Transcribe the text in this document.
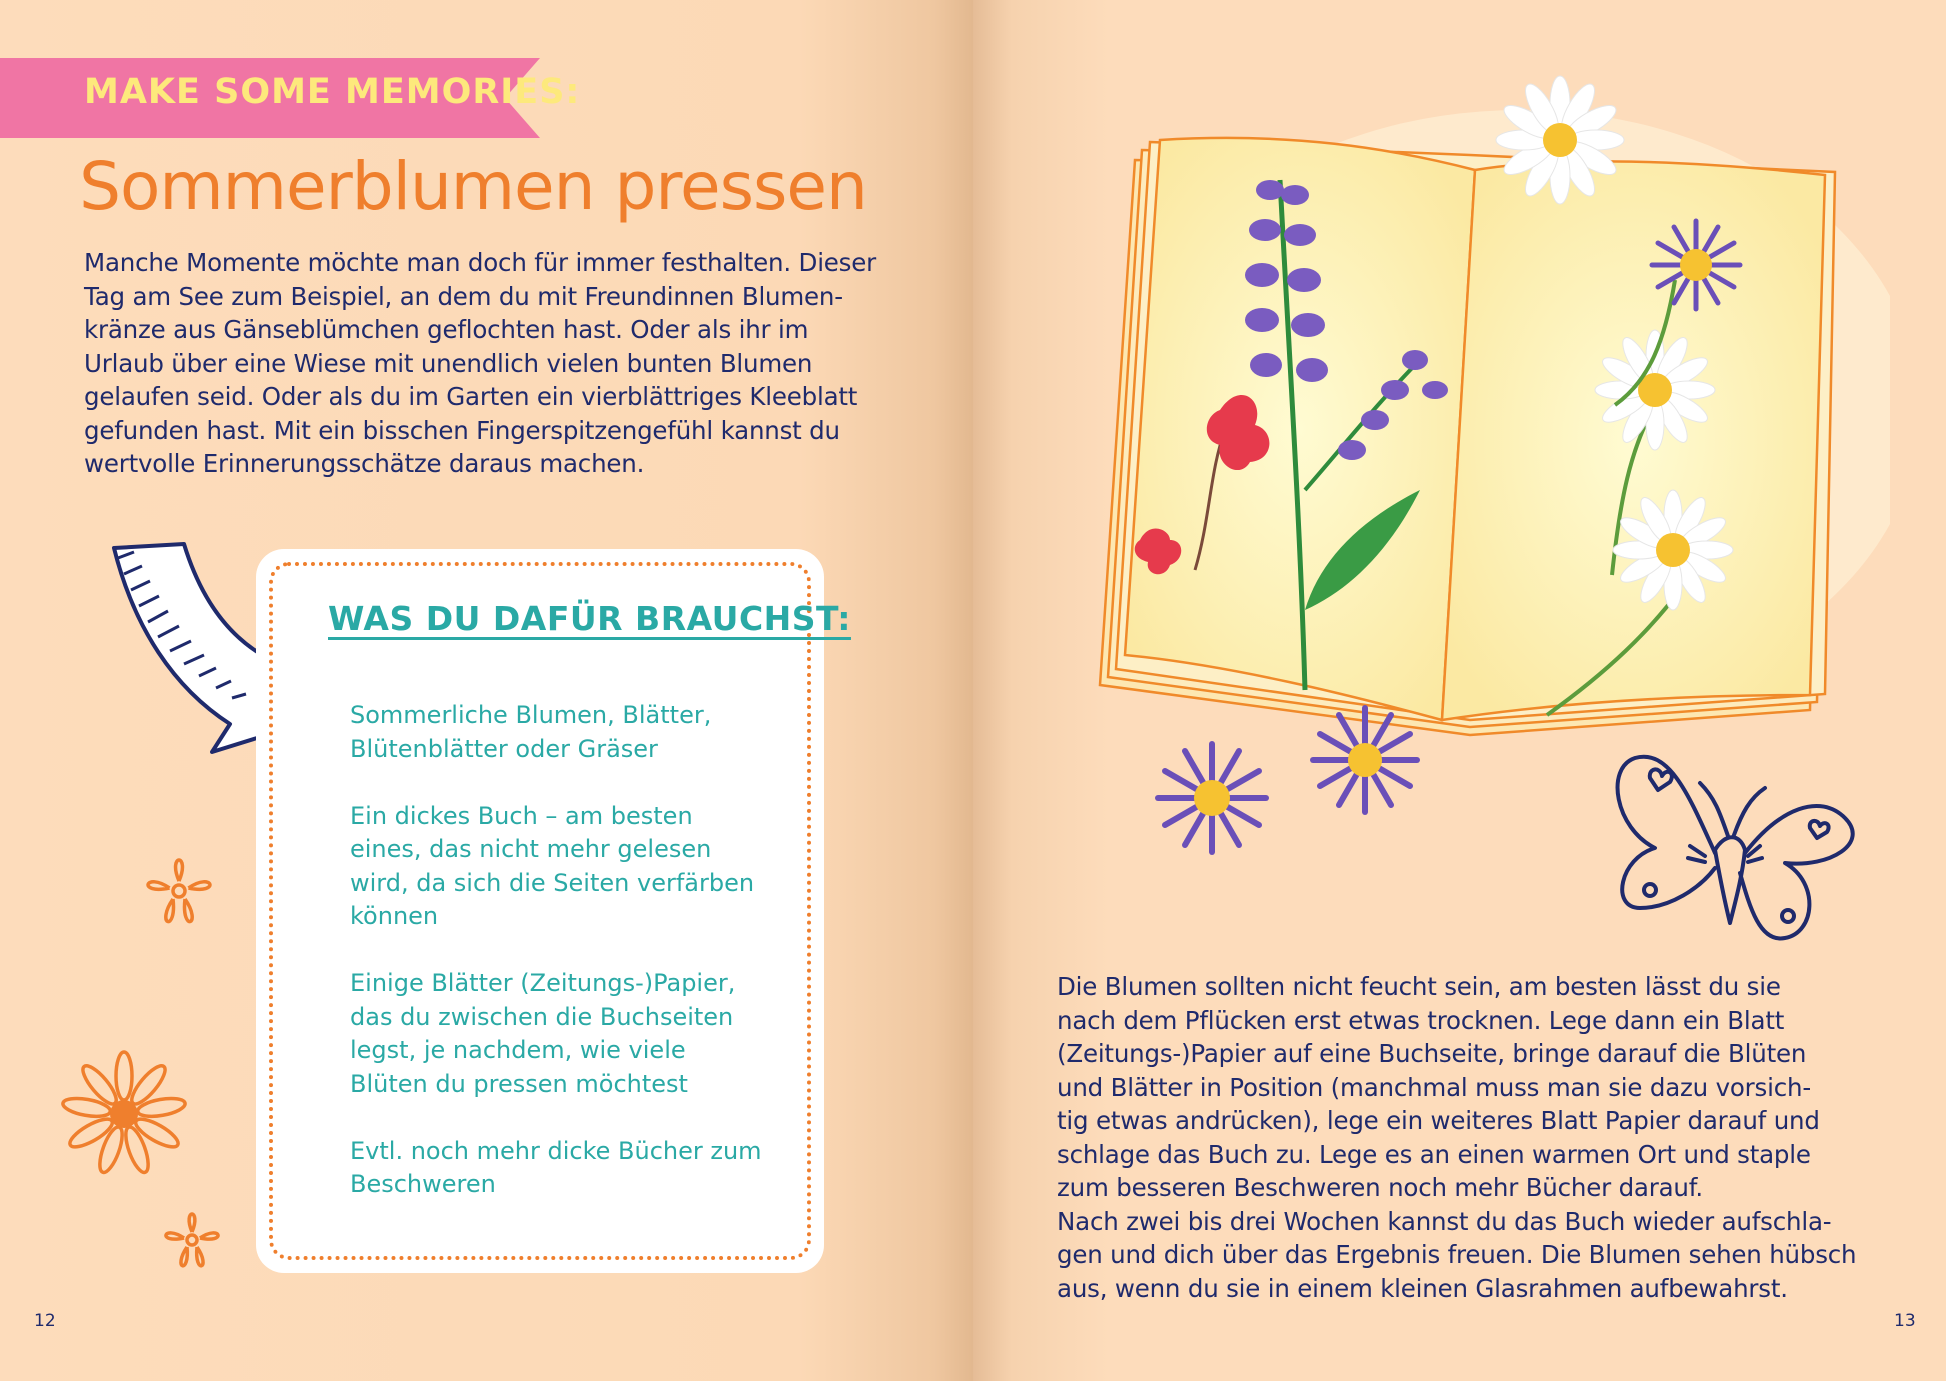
MAKE SOME MEMORIES:
Sommerblumen pressen
Manche Momente möchte man doch für immer festhalten. Dieser
Tag am See zum Beispiel, an dem du mit Freundinnen Blumen-
kränze aus Gänseblümchen geflochten hast. Oder als ihr im
Urlaub über eine Wiese mit unendlich vielen bunten Blumen
gelaufen seid. Oder als du im Garten ein vierblättriges Kleeblatt
gefunden hast. Mit ein bisschen Fingerspitzengefühl kannst du
wertvolle Erinnerungsschätze daraus machen.
WAS DU DAFÜR BRAUCHST:
Sommerliche Blumen, Blätter,
Blütenblätter oder Gräser
Ein dickes Buch – am besten
eines, das nicht mehr gelesen
wird, da sich die Seiten verfärben
können
Einige Blätter (Zeitungs-)Papier,
das du zwischen die Buchseiten
legst, je nachdem, wie viele
Blüten du pressen möchtest
Evtl. noch mehr dicke Bücher zum
Beschweren
Die Blumen sollten nicht feucht sein, am besten lässt du sie
nach dem Pflücken erst etwas trocknen. Lege dann ein Blatt
(Zeitungs-)Papier auf eine Buchseite, bringe darauf die Blüten
und Blätter in Position (manchmal muss man sie dazu vorsich-
tig etwas andrücken), lege ein weiteres Blatt Papier darauf und
schlage das Buch zu. Lege es an einen warmen Ort und staple
zum besseren Beschweren noch mehr Bücher darauf.
Nach zwei bis drei Wochen kannst du das Buch wieder aufschla-
gen und dich über das Ergebnis freuen. Die Blumen sehen hübsch
aus, wenn du sie in einem kleinen Glasrahmen aufbewahrst.
12	13
